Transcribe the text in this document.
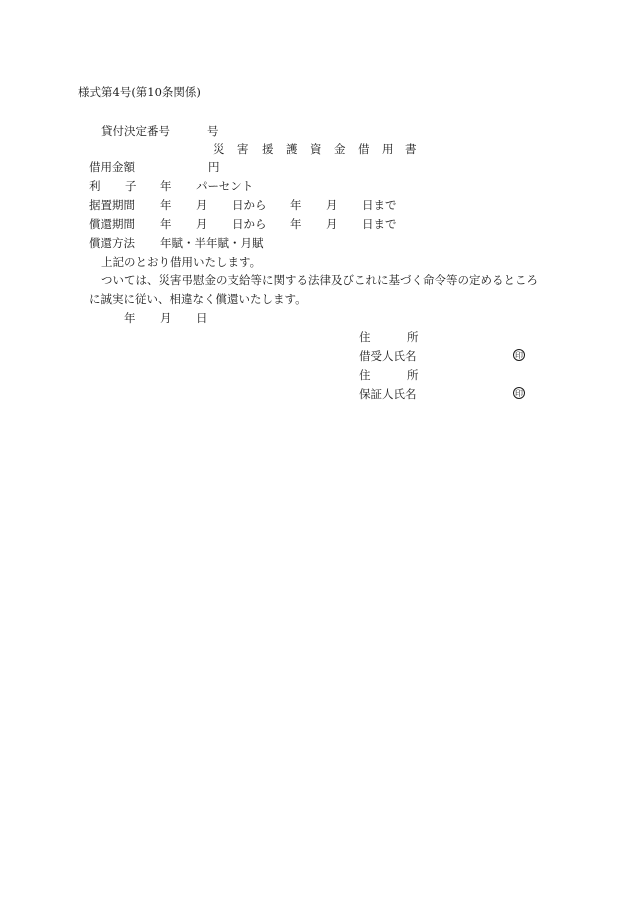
様式第4号(第10条関係)

貸付決定番号	号

災 害 援 護 資 金 借 用 書

借用金額	円

利 子 年 パーセント

据置期間 年 月 日から 年 月 日まで

償還期間 年 月 日から 年 月 日まで

償還方法 年賦・半年賦・月賦

上記のとおり借用いたします。

ついては、災害弔慰金の支給等に関する法律及びこれに基づく命令等の定めるところ

に誠実に従い、相違なく償還いたします。

年 月 日

住	所

借受人氏名	印

住	所

保証人氏名	印
